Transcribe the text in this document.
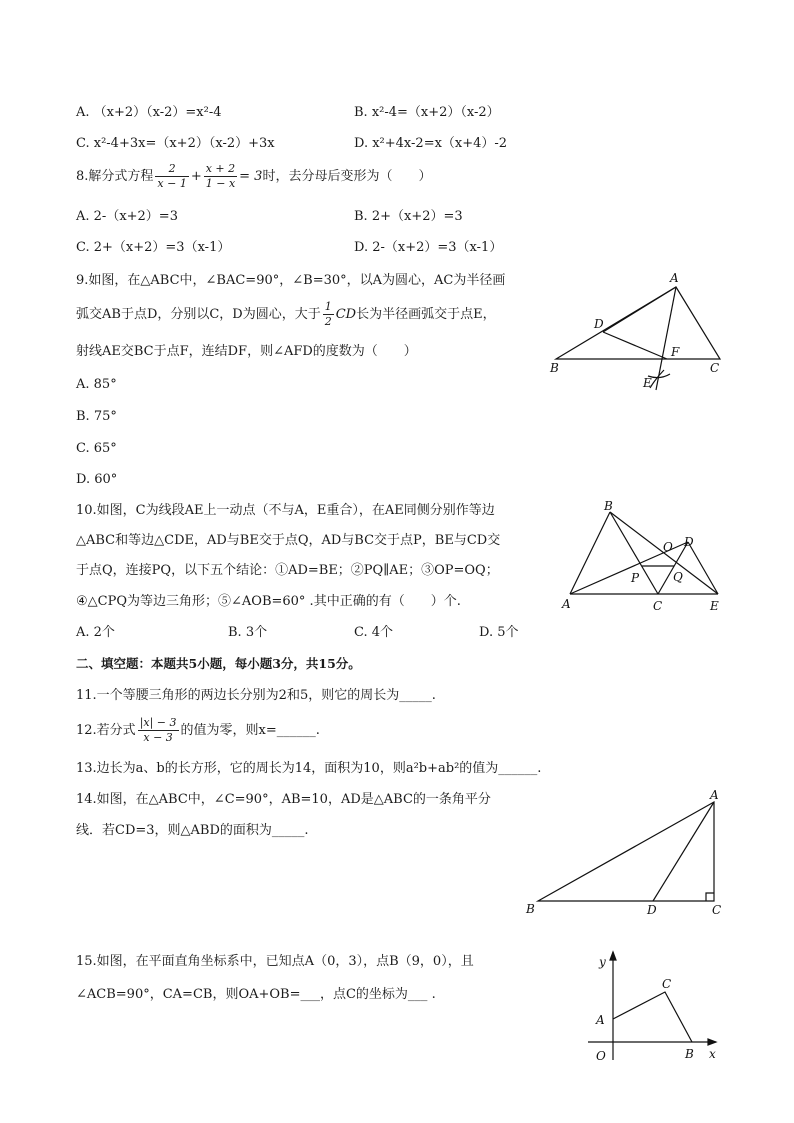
A. （x+2）（x-2）=x²-4	B. x²-4=（x+2）（x-2）
C. x²-4+3x=（x+2）（x-2）+3x	D. x²+4x-2=x（x+4）-2
8.解分式方程 $\frac{2}{x - 1} + \frac{x + 2}{1 - x} = 3$时，去分母后变形为（　　）
A. 2-（x+2）=3	B. 2+（x+2）=3
C. 2+（x+2）=3（x-1）	D. 2-（x+2）=3（x-1）
9.如图，在△ABC中，∠BAC=90°，∠B=30°，以A为圆心，AC为半径画
弧交AB于点D，分别以C，D为圆心，大于 $\frac{1}{2}$ CD长为半径画弧交于点E，
射线AE交BC于点F，连结DF，则∠AFD的度数为（　　）
A. 85°
B. 75°
C. 65°
D. 60°
A
B	C
D
E
F
10.如图，C为线段AE上一动点（不与A，E重合），在AE同侧分别作等边
△ABC和等边△CDE，AD与BE交于点Q，AD与BC交于点P，BE与CD交
于点Q，连接PQ，以下五个结论：①AD=BE；②PQ∥AE；③OP=OQ；
④△CPQ为等边三角形；⑤∠AOB=60° .其中正确的有（　　）个.
A. 2个	B. 3个	C. 4个	D. 5个
A
B
C
D
E
O
P	Q
二、填空题：本题共5小题，每小题3分，共15分。
11.一个等腰三角形的两边长分别为2和5，则它的周长为_____.
12.若分式 $\frac{|x| - 3}{x - 3}$ 的值为零，则x=______.
13.边长为a、b的长方形，它的周长为14，面积为10，则a²b+ab²的值为______.
14.如图，在△ABC中，∠C=90°，AB=10，AD是△ABC的一条角平分
线．若CD=3，则△ABD的面积为_____.
A
B	C
D
15.如图，在平面直角坐标系中，已知点A（0，3），点B（9，0），且
∠ACB=90°，CA=CB，则OA+OB=___，点C的坐标为___ .
y
x
O
A
B
C
